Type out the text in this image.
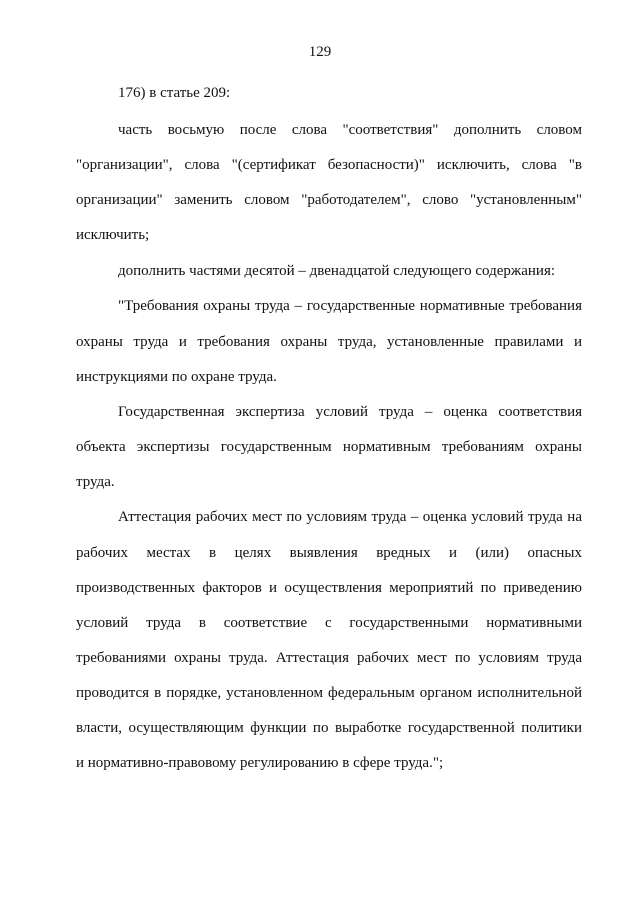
129
176) в статье 209:
часть восьмую после слова "соответствия" дополнить словом
"организации", слова "(сертификат безопасности)" исключить, слова "в
организации" заменить словом "работодателем", слово "установленным"
исключить;
дополнить частями десятой – двенадцатой следующего содержания:
"Требования охраны труда – государственные нормативные требования
охраны труда и требования охраны труда, установленные правилами и
инструкциями по охране труда.
Государственная экспертиза условий труда – оценка соответствия
объекта экспертизы государственным нормативным требованиям охраны
труда.
Аттестация рабочих мест по условиям труда – оценка условий труда на
рабочих местах в целях выявления вредных и (или) опасных
производственных факторов и осуществления мероприятий по приведению
условий труда в соответствие с государственными нормативными
требованиями охраны труда. Аттестация рабочих мест по условиям труда
проводится в порядке, установленном федеральным органом исполнительной
власти, осуществляющим функции по выработке государственной политики
и нормативно-правовому регулированию в сфере труда.";
